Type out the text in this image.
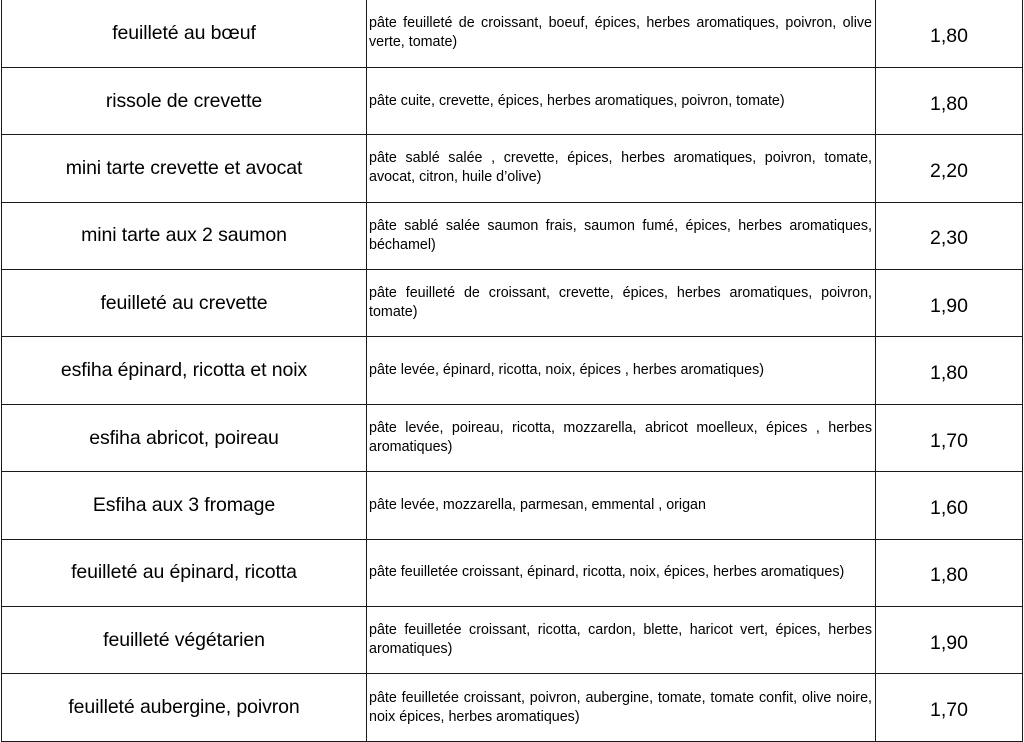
feuilleté au bœuf	pâte feuilleté de croissant, boeuf, épices, herbes aromatiques, poivron, olive verte, tomate)	1,80
rissole de crevette	pâte cuite, crevette, épices, herbes aromatiques, poivron, tomate)	1,80
mini tarte crevette et avocat	pâte sablé salée , crevette, épices, herbes aromatiques, poivron, tomate, avocat, citron, huile d’olive)	2,20
mini tarte aux 2 saumon	pâte sablé salée saumon frais, saumon fumé, épices, herbes aromatiques, béchamel)	2,30
feuilleté au crevette	pâte feuilleté de croissant, crevette, épices, herbes aromatiques, poivron, tomate)	1,90
esfiha épinard, ricotta et noix	pâte levée, épinard, ricotta, noix, épices , herbes aromatiques)	1,80
esfiha abricot, poireau	pâte levée, poireau, ricotta, mozzarella, abricot moelleux, épices , herbes aromatiques)	1,70
Esfiha aux 3 fromage	pâte levée, mozzarella, parmesan, emmental , origan	1,60
feuilleté au épinard, ricotta	pâte feuilletée croissant, épinard, ricotta, noix, épices, herbes aromatiques)	1,80
feuilleté végétarien	pâte feuilletée croissant, ricotta, cardon, blette, haricot vert, épices, herbes aromatiques)	1,90
feuilleté aubergine, poivron	pâte feuilletée croissant, poivron, aubergine, tomate, tomate confit, olive noire, noix épices, herbes aromatiques)	1,70
